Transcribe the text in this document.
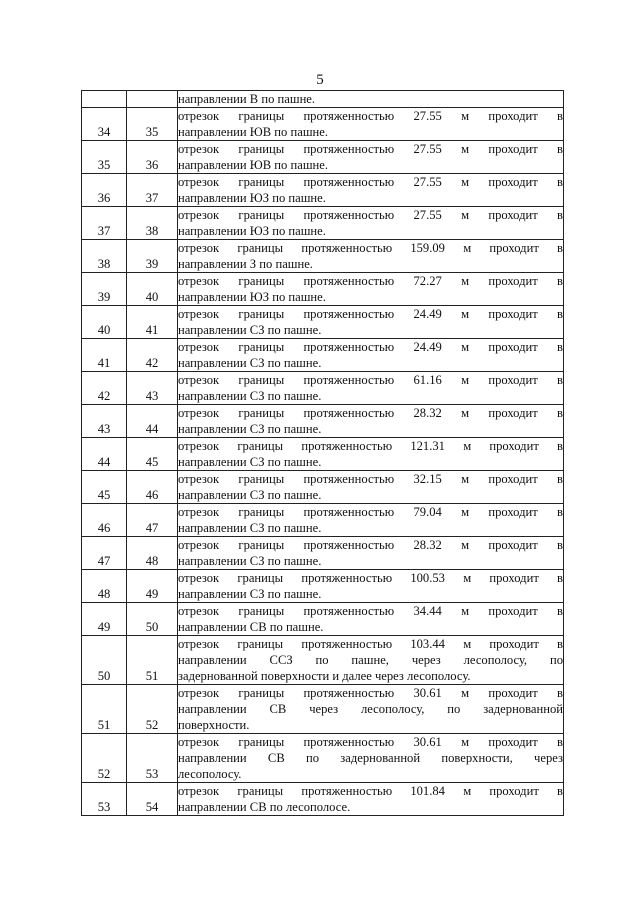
5

		направлении В по пашне.

34	35	отрезок границы протяженностью 27.55 м проходит в
направлении ЮВ по пашне.

35	36	отрезок границы протяженностью 27.55 м проходит в
направлении ЮВ по пашне.

36	37	отрезок границы протяженностью 27.55 м проходит в
направлении ЮЗ по пашне.

37	38	отрезок границы протяженностью 27.55 м проходит в
направлении ЮЗ по пашне.

38	39	отрезок границы протяженностью 159.09 м проходит в
направлении З по пашне.

39	40	отрезок границы протяженностью 72.27 м проходит в
направлении ЮЗ по пашне.

40	41	отрезок границы протяженностью 24.49 м проходит в
направлении СЗ по пашне.

41	42	отрезок границы протяженностью 24.49 м проходит в
направлении СЗ по пашне.

42	43	отрезок границы протяженностью 61.16 м проходит в
направлении СЗ по пашне.

43	44	отрезок границы протяженностью 28.32 м проходит в
направлении СЗ по пашне.

44	45	отрезок границы протяженностью 121.31 м проходит в
направлении СЗ по пашне.

45	46	отрезок границы протяженностью 32.15 м проходит в
направлении СЗ по пашне.

46	47	отрезок границы протяженностью 79.04 м проходит в
направлении СЗ по пашне.

47	48	отрезок границы протяженностью 28.32 м проходит в
направлении СЗ по пашне.

48	49	отрезок границы протяженностью 100.53 м проходит в
направлении СЗ по пашне.

49	50	отрезок границы протяженностью 34.44 м проходит в
направлении СВ по пашне.

50	51	отрезок границы протяженностью 103.44 м проходит в
направлении ССЗ по пашне, через лесополосу, по
задернованной поверхности и далее через лесополосу.

51	52	отрезок границы протяженностью 30.61 м проходит в
направлении СВ через лесополосу, по задернованной
поверхности.

52	53	отрезок границы протяженностью 30.61 м проходит в
направлении СВ по задернованной поверхности, через
лесополосу.

53	54	отрезок границы протяженностью 101.84 м проходит в
направлении СВ по лесополосе.
